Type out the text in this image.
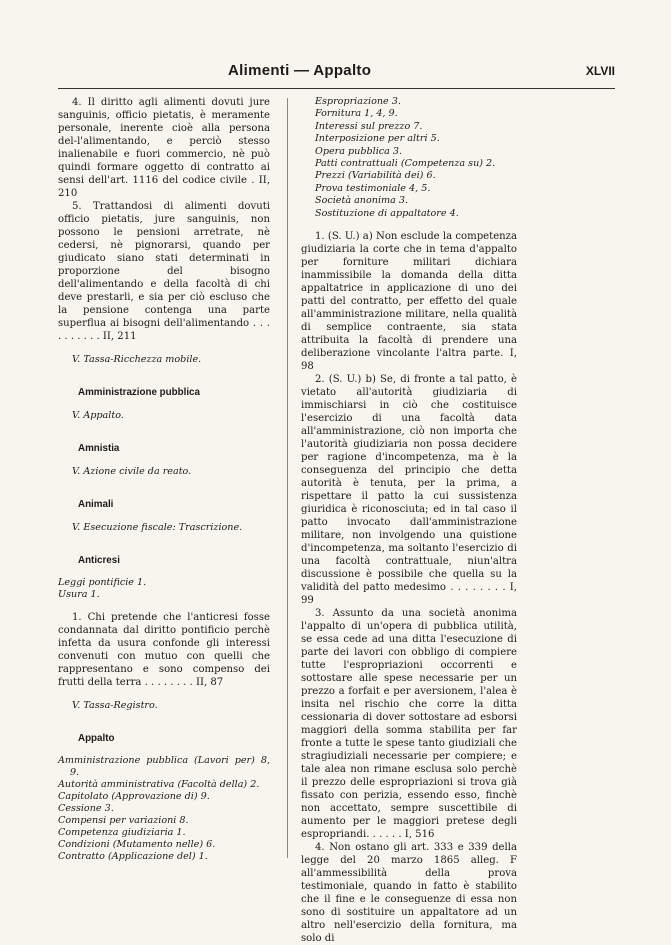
Alimenti — Appalto	XLVII

4. Il diritto agli alimenti dovuti jure sanguinis, officio pietatis, è meramente personale, inerente cioè alla persona del-l'alimentando, e perciò stesso inalienabile e fuori commercio, nè può quindi formare oggetto di contratto ai sensi dell'art. 1116 del codice civile . II, 210

5. Trattandosi di alimenti dovuti officio pietatis, jure sanguinis, non possono le pensioni arretrate, nè cedersi, nè pignorarsi, quando per giudicato siano stati determinati in proporzione del bisogno dell'alimentando e della facoltà di chi deve prestarli, e sia per ciò escluso che la pensione contenga una parte superflua ai bisogni dell'alimentando . . . . . . . . . . II, 211

V. Tassa-Ricchezza mobile.

Amministrazione pubblica

V. Appalto.

Amnistia

V. Azione civile da reato.

Animali

V. Esecuzione fiscale: Trascrizione.

Anticresi
Leggi pontificie 1.
Usura 1.

1. Chi pretende che l'anticresi fosse condannata dal diritto pontificio perchè infetta da usura confonde gli interessi convenuti con mutuo con quelli che rappresentano e sono compenso dei frutti della terra . . . . . . . . II, 87

V. Tassa-Registro.

Appalto
Amministrazione pubblica (Lavori per) 8, 9.
Autorità amministrativa (Facoltà della) 2.
Capitolato (Approvazione di) 9.
Cessione 3.
Compensi per variazioni 8.
Competenza giudiziaria 1.
Condizioni (Mutamento nelle) 6.
Contratto (Applicazione del) 1.
Espropriazione 3.
Fornitura 1, 4, 9.
Interessi sul prezzo 7.
Interposizione per altri 5.
Opera pubblica 3.
Patti contrattuali (Competenza su) 2.
Prezzi (Variabilità dei) 6.
Prova testimoniale 4, 5.
Società anonima 3.
Sostituzione di appaltatore 4.

1. (S. U.) a) Non esclude la competenza giudiziaria la corte che in tema d'appalto per forniture militari dichiara inammissibile la domanda della ditta appaltatrice in applicazione di uno dei patti del contratto, per effetto del quale all'amministrazione militare, nella qualità di semplice contraente, sia stata attribuita la facoltà di prendere una deliberazione vincolante l'altra parte. I, 98

2. (S. U.) b) Se, di fronte a tal patto, è vietato all'autorità giudiziaria di immischiarsi in ciò che costituisce l'esercizio di una facoltà data all'amministrazione, ciò non importa che l'autorità giudiziaria non possa decidere per ragione d'incompetenza, ma è la conseguenza del principio che detta autorità è tenuta, per la prima, a rispettare il patto la cui sussistenza giuridica è riconosciuta; ed in tal caso il patto invocato dall'amministrazione militare, non involgendo una quistione d'incompetenza, ma soltanto l'esercizio di una facoltà contrattuale, niun'altra discussione è possibile che quella su la validità del patto medesimo . . . . . . . . I, 99

3. Assunto da una società anonima l'appalto di un'opera di pubblica utilità, se essa cede ad una ditta l'esecuzione di parte dei lavori con obbligo di compiere tutte l'espropriazioni occorrenti e sottostare alle spese necessarie per un prezzo a forfait e per aversionem, l'alea è insita nel rischio che corre la ditta cessionaria di dover sottostare ad esborsi maggiori della somma stabilita per far fronte a tutte le spese tanto giudiziali che stragiudiziali necessarie per compiere; e tale alea non rimane esclusa solo perchè il prezzo delle espropriazioni si trova già fissato con perizia, essendo esso, finchè non accettato, sempre suscettibile di aumento per le maggiori pretese degli espropriandi. . . . . . I, 516

4. Non ostano gli art. 333 e 339 della legge del 20 marzo 1865 alleg. F all'ammessibilità della prova testimoniale, quando in fatto è stabilito che il fine e le conseguenze di essa non sono di sostituire un appaltatore ad un altro nell'esercizio della fornitura, ma solo di
